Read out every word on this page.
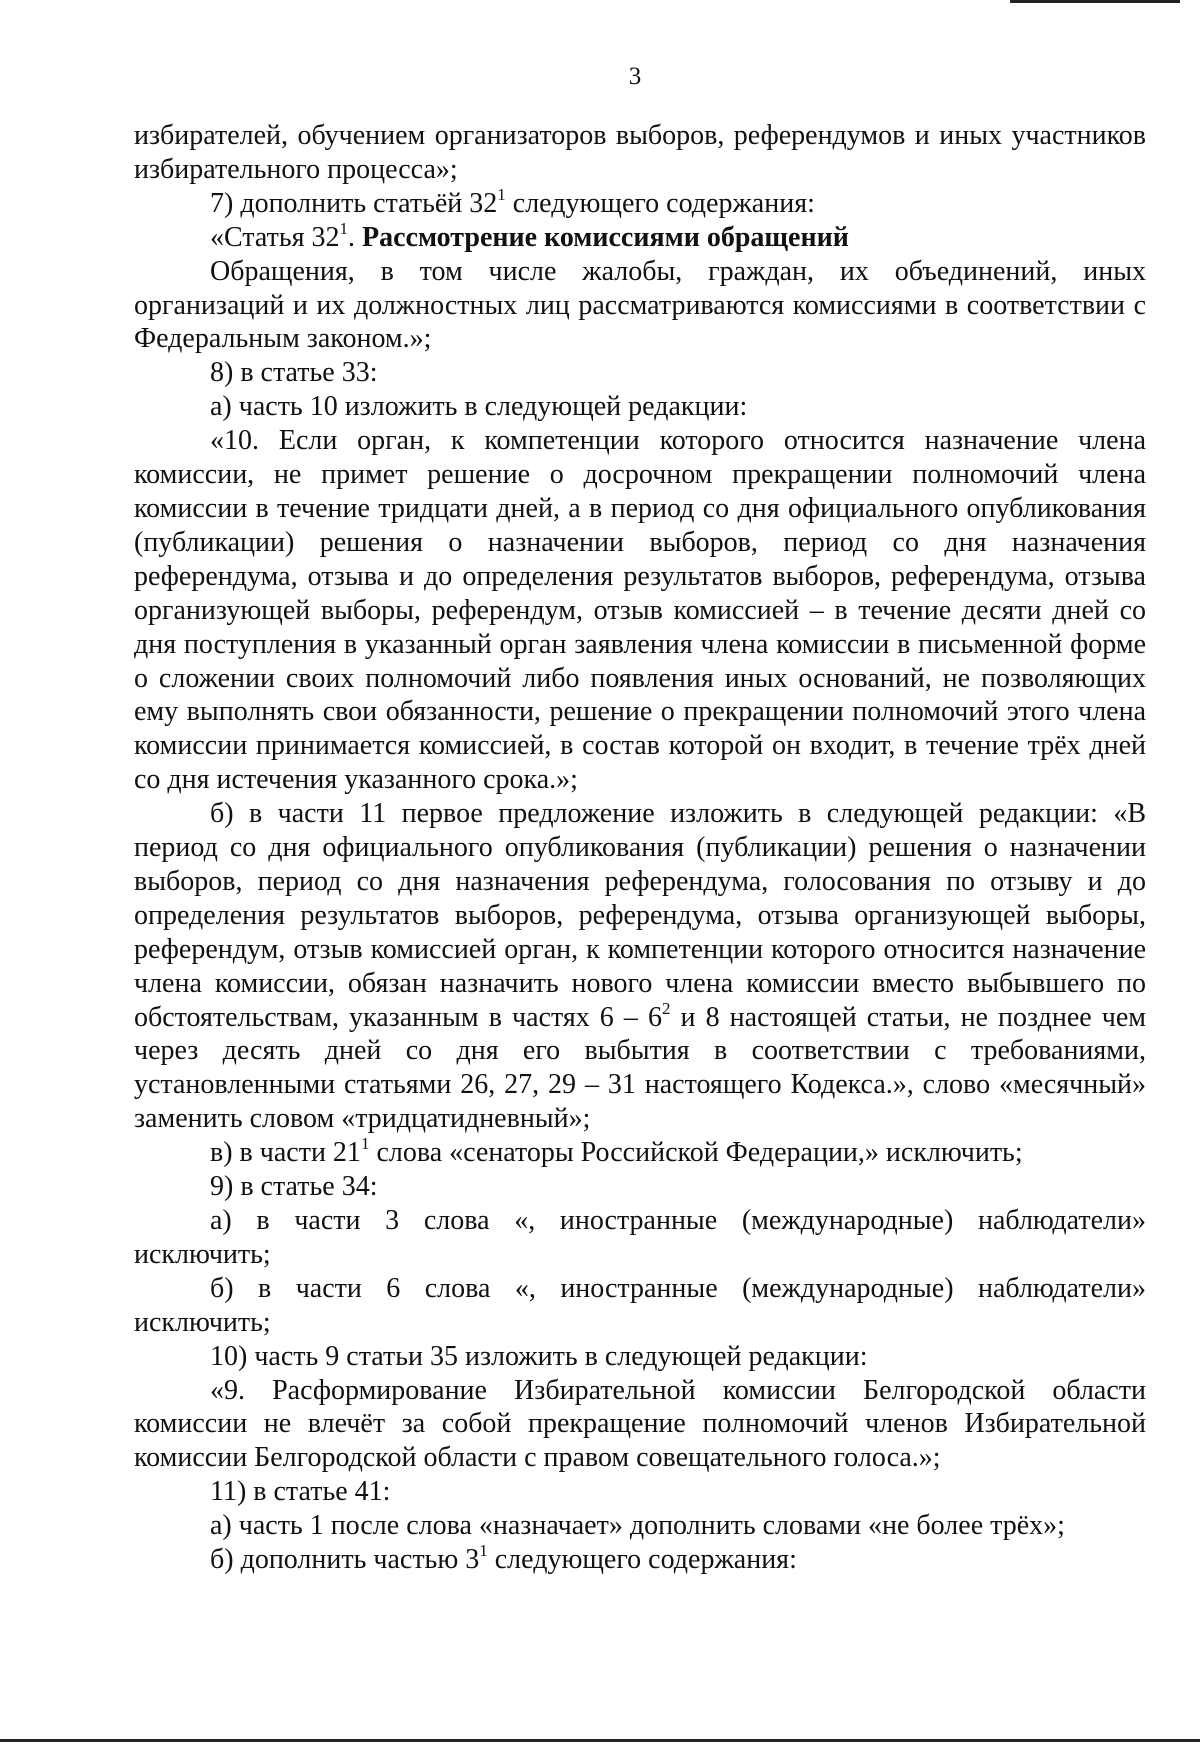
3

избирателей, обучением организаторов выборов, референдумов и иных участников избирательного процесса»;

7) дополнить статьёй $32^1$ следующего содержания:

«Статья $32^1$. Рассмотрение комиссиями обращений

Обращения, в том числе жалобы, граждан, их объединений, иных организаций и их должностных лиц рассматриваются комиссиями в соответствии с Федеральным законом.»;

8) в статье 33:

а) часть 10 изложить в следующей редакции:

«10. Если орган, к компетенции которого относится назначение члена комиссии, не примет решение о досрочном прекращении полномочий члена комиссии в течение тридцати дней, а в период со дня официального опубликования (публикации) решения о назначении выборов, период со дня назначения референдума, отзыва и до определения результатов выборов, референдума, отзыва организующей выборы, референдум, отзыв комиссией – в течение десяти дней со дня поступления в указанный орган заявления члена комиссии в письменной форме о сложении своих полномочий либо появления иных оснований, не позволяющих ему выполнять свои обязанности, решение о прекращении полномочий этого члена комиссии принимается комиссией, в состав которой он входит, в течение трёх дней со дня истечения указанного срока.»;

б) в части 11 первое предложение изложить в следующей редакции: «В период со дня официального опубликования (публикации) решения о назначении выборов, период со дня назначения референдума, голосования по отзыву и до определения результатов выборов, референдума, отзыва организующей выборы, референдум, отзыв комиссией орган, к компетенции которого относится назначение члена комиссии, обязан назначить нового члена комиссии вместо выбывшего по обстоятельствам, указанным в частях $6 - 6^2$ и 8 настоящей статьи, не позднее чем через десять дней со дня его выбытия в соответствии с требованиями, установленными статьями 26, 27, 29 – 31 настоящего Кодекса.», слово «месячный» заменить словом «тридцатидневный»;

в) в части $21^1$ слова «сенаторы Российской Федерации,» исключить;

9) в статье 34:

а) в части 3 слова «, иностранные (международные) наблюдатели» исключить;

б) в части 6 слова «, иностранные (международные) наблюдатели» исключить;

10) часть 9 статьи 35 изложить в следующей редакции:

«9. Расформирование Избирательной комиссии Белгородской области комиссии не влечёт за собой прекращение полномочий членов Избирательной комиссии Белгородской области с правом совещательного голоса.»;

11) в статье 41:

а) часть 1 после слова «назначает» дополнить словами «не более трёх»;

б) дополнить частью $3^1$ следующего содержания:
